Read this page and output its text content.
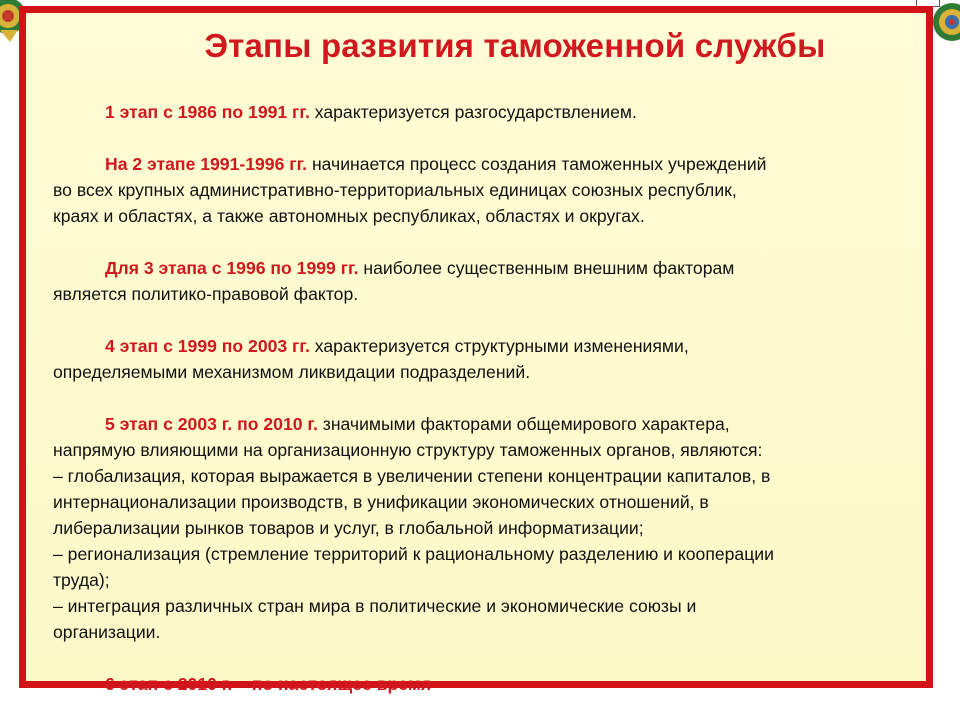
Этапы развития таможенной службы

1 этап с 1986 по 1991 гг. характеризуется разгосударствлением.

На 2 этапе 1991-1996 гг. начинается процесс создания таможенных учреждений
во всех крупных административно-территориальных единицах союзных республик,
краях и областях, а также автономных республиках, областях и округах.

Для 3 этапа с 1996 по 1999 гг. наиболее существенным внешним факторам
является политико-правовой фактор.

4 этап с 1999 по 2003 гг. характеризуется структурными изменениями,
определяемыми механизмом ликвидации подразделений.

5 этап с 2003 г. по 2010 г. значимыми факторами общемирового характера,
напрямую влияющими на организационную структуру таможенных органов, являются:
– глобализация, которая выражается в увеличении степени концентрации капиталов, в
интернационализации производств, в унификации экономических отношений, в
либерализации рынков товаров и услуг, в глобальной информатизации;
– регионализация (стремление территорий к рациональному разделению и кооперации
труда);
– интеграция различных стран мира в политические и экономические союзы и
организации.

6 этап с 2010 г. – по настоящее время
